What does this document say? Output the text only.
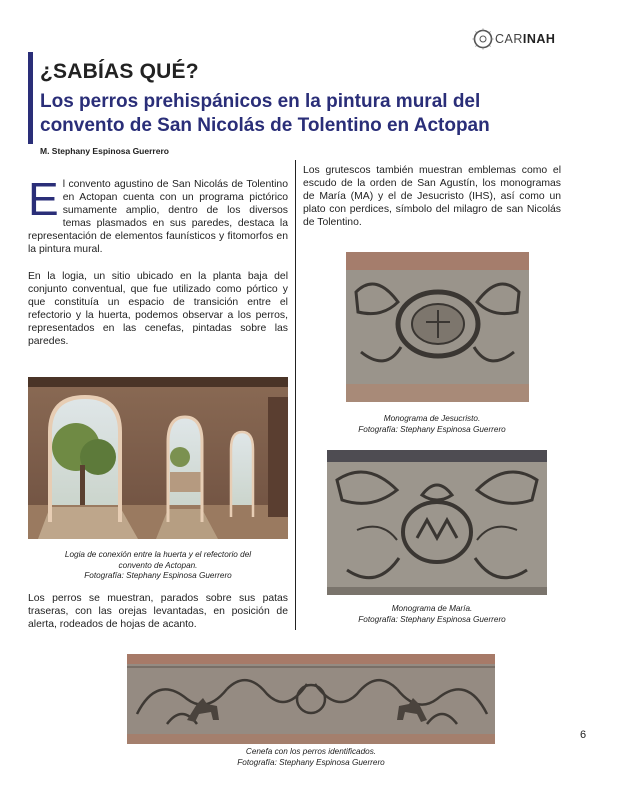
CARINAH
¿SABÍAS QUÉ?
Los perros prehispánicos en la pintura mural del
convento de San Nicolás de Tolentino en Actopan
M. Stephany Espinosa Guerrero
El convento agustino de San Nicolás de Tolentino en Actopan cuenta con un programa pictórico sumamente amplio, dentro de los diversos temas plasmados en sus paredes, destaca la representación de elementos faunísticos y fitomorfos en la pintura mural.
En la logia, un sitio ubicado en la planta baja del conjunto conventual, que fue utilizado como pórtico y que constituía un espacio de transición entre el refectorio y la huerta, podemos observar a los perros, representados en las cenefas, pintadas sobre las paredes.
Logia de conexión entre la huerta y el refectorio del
convento de Actopan.
Fotografía: Stephany Espinosa Guerrero
Los perros se muestran, parados sobre sus patas traseras, con las orejas levantadas, en posición de alerta, rodeados de hojas de acanto.
Los grutescos también muestran emblemas como el escudo de la orden de San Agustín, los monogramas de María (MA) y el de Jesucristo (IHS), así como un plato con perdices, símbolo del milagro de san Nicolás de Tolentino.
Monograma de Jesucristo.
Fotografía: Stephany Espinosa Guerrero
Monograma de María.
Fotografía: Stephany Espinosa Guerrero
Cenefa con los perros identificados.
Fotografía: Stephany Espinosa Guerrero
6
